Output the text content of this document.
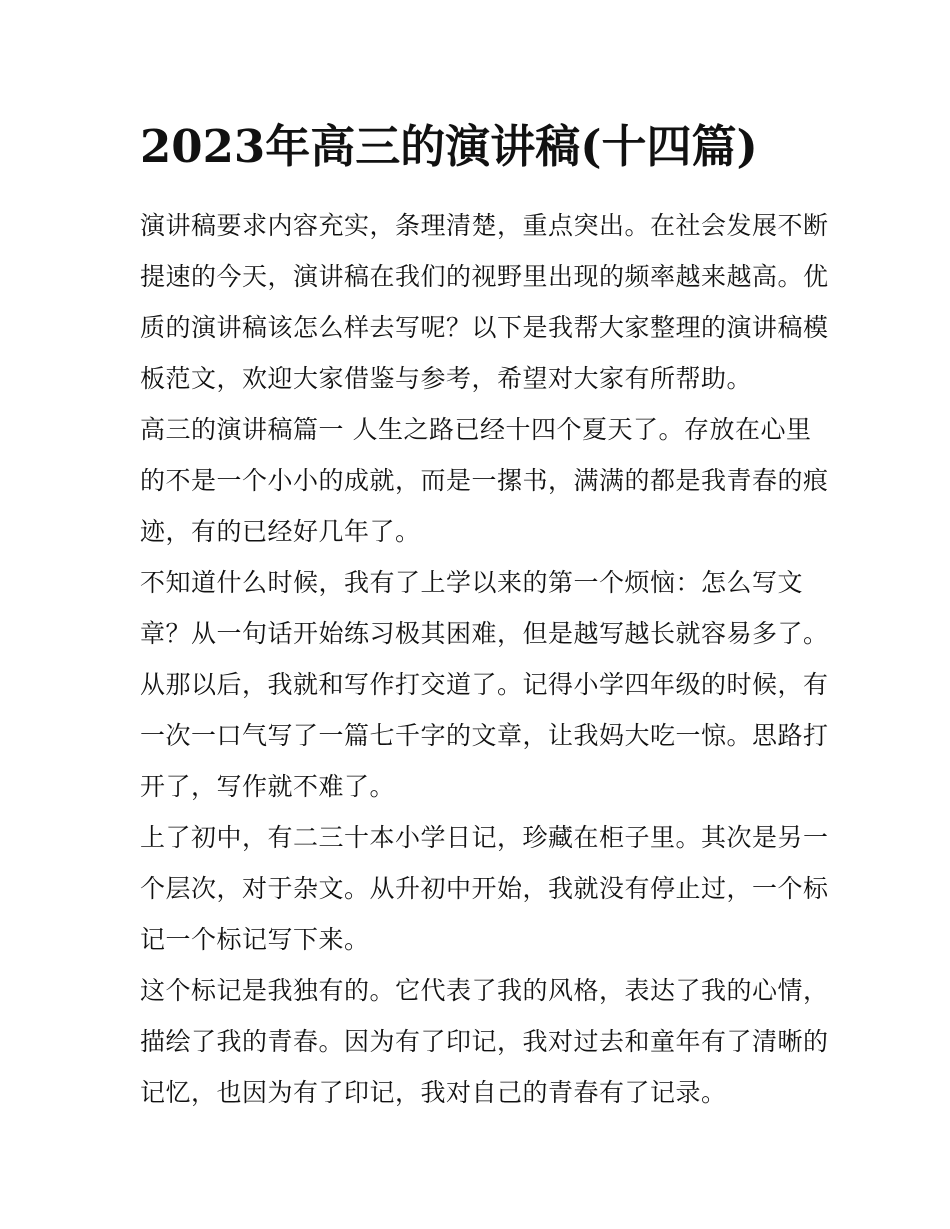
2023年高三的演讲稿(十四篇)
演讲稿要求内容充实，条理清楚，重点突出。在社会发展不断
提速的今天，演讲稿在我们的视野里出现的频率越来越高。优
质的演讲稿该怎么样去写呢？以下是我帮大家整理的演讲稿模
板范文，欢迎大家借鉴与参考，希望对大家有所帮助。
高三的演讲稿篇一 人生之路已经十四个夏天了。存放在心里
的不是一个小小的成就，而是一摞书，满满的都是我青春的痕
迹，有的已经好几年了。
不知道什么时候，我有了上学以来的第一个烦恼：怎么写文
章？从一句话开始练习极其困难，但是越写越长就容易多了。
从那以后，我就和写作打交道了。记得小学四年级的时候，有
一次一口气写了一篇七千字的文章，让我妈大吃一惊。思路打
开了，写作就不难了。
上了初中，有二三十本小学日记，珍藏在柜子里。其次是另一
个层次，对于杂文。从升初中开始，我就没有停止过，一个标
记一个标记写下来。
这个标记是我独有的。它代表了我的风格，表达了我的心情，
描绘了我的青春。因为有了印记，我对过去和童年有了清晰的
记忆，也因为有了印记，我对自己的青春有了记录。
